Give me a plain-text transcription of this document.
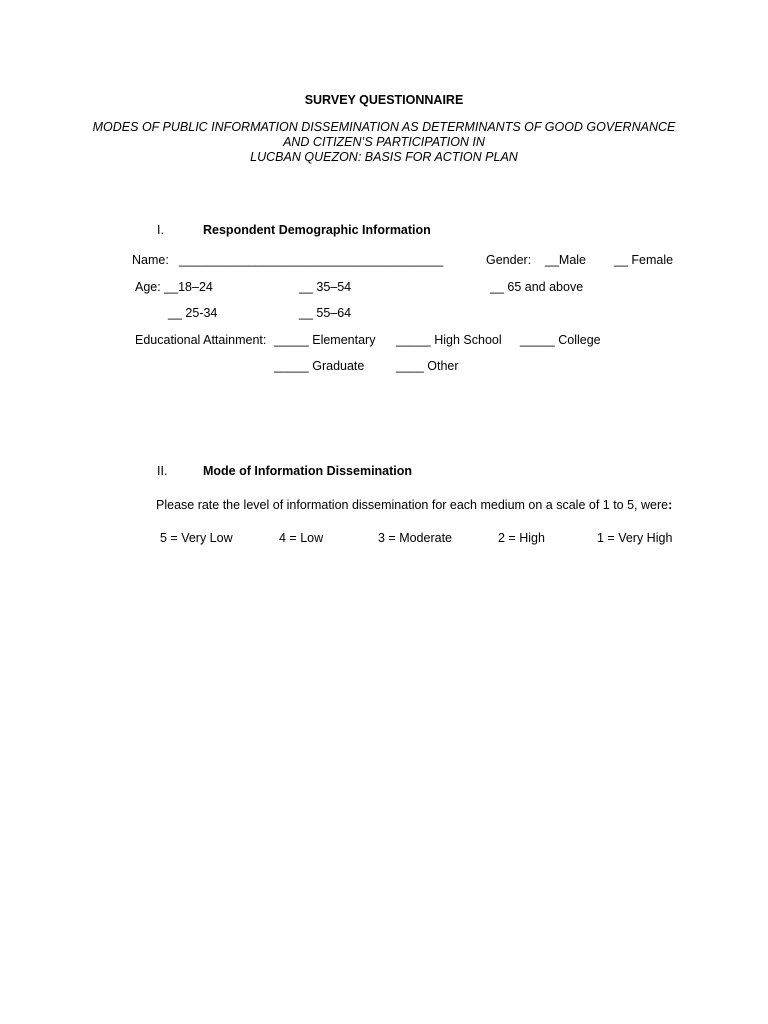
SURVEY QUESTIONNAIRE
MODES OF PUBLIC INFORMATION DISSEMINATION AS DETERMINANTS OF GOOD GOVERNANCE
AND CITIZEN’S PARTICIPATION IN
LUCBAN QUEZON: BASIS FOR ACTION PLAN
I.	Respondent Demographic Information
Name: ______________________________________	Gender: __Male __ Female
Age: __18–24	__ 35–54	__ 65 and above
__ 25-34	__ 55–64
Educational Attainment: _____ Elementary _____ High School _____ College
_____ Graduate	____ Other
II.	Mode of Information Dissemination
Please rate the level of information dissemination for each medium on a scale of 1 to 5, were:
5 = Very Low	4 = Low	3 = Moderate	2 = High	1 = Very High
